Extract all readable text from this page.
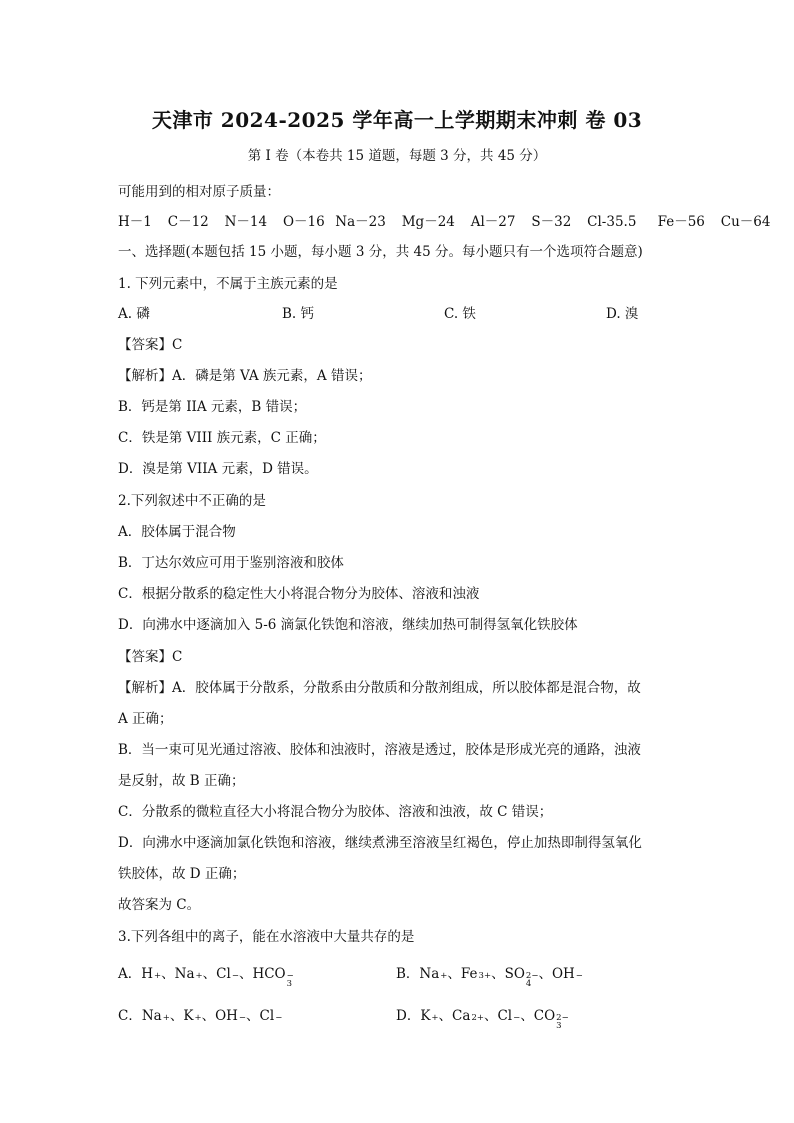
天津市 2024-2025 学年高一上学期期末冲刺 卷 03
第 I 卷（本卷共 15 道题，每题 3 分，共 45 分）
可能用到的相对原子质量：
H－1   C－12   N－14   O－16  Na－23   Mg－24   Al－27   S－32   Cl-35.5    Fe－56   Cu－64
一、选择题(本题包括 15 小题，每小题 3 分，共 45 分。每小题只有一个选项符合题意)
1. 下列元素中，不属于主族元素的是
A. 磷	B. 钙	C. 铁	D. 溴
【答案】C
【解析】A．磷是第 VA 族元素，A 错误；
B．钙是第 IIA 元素，B 错误；
C．铁是第 VIII 族元素，C 正确；
D．溴是第 VIIA 元素，D 错误。
2.下列叙述中不正确的是
A．胶体属于混合物
B．丁达尔效应可用于鉴别溶液和胶体
C．根据分散系的稳定性大小将混合物分为胶体、溶液和浊液
D．向沸水中逐滴加入 5-6 滴氯化铁饱和溶液，继续加热可制得氢氧化铁胶体
【答案】C
【解析】A．胶体属于分散系，分散系由分散质和分散剂组成，所以胶体都是混合物，故
A 正确；
B．当一束可见光通过溶液、胶体和浊液时，溶液是透过，胶体是形成光亮的通路，浊液
是反射，故 B 正确；
C．分散系的微粒直径大小将混合物分为胶体、溶液和浊液，故 C 错误；
D．向沸水中逐滴加氯化铁饱和溶液，继续煮沸至溶液呈红褐色，停止加热即制得氢氧化
铁胶体，故 D 正确；
故答案为 C。
3.下列各组中的离子，能在水溶液中大量共存的是
A． H +
、 Na +
、 Cl −
、 HCO −
3
B． Na +
、 Fe 3+
、 SO 2−
4
、 OH −

C． Na +
、 K +
、 OH −
、 Cl −
	D． K +
、 Ca 2+
、 Cl −
、 CO 2−
3
